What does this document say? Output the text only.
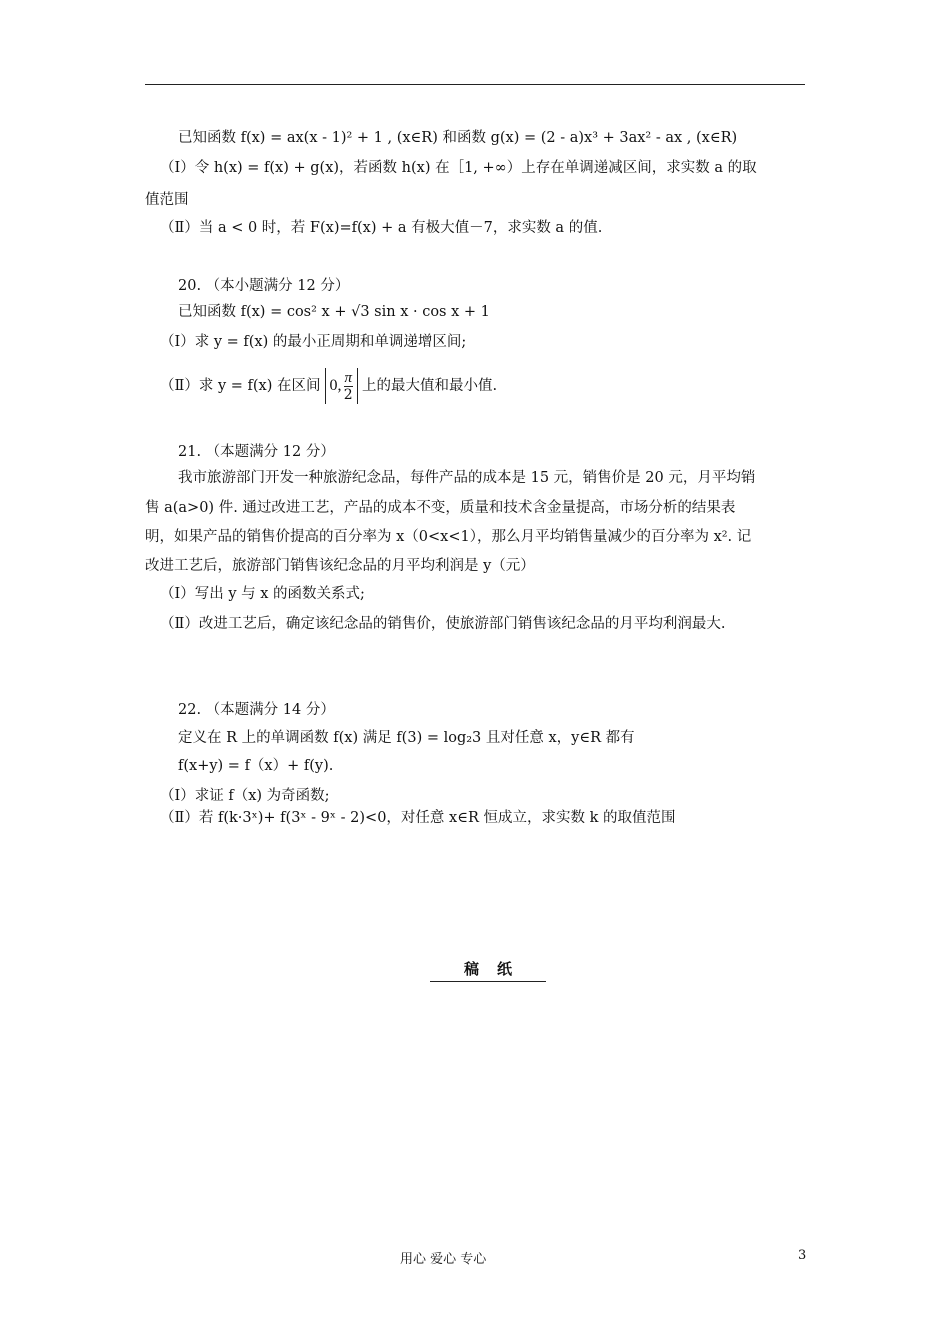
已知函数 f(x) = ax(x - 1)² + 1 , (x∈R) 和函数 g(x) = (2 - a)x³ + 3ax² - ax , (x∈R)
（Ⅰ）令 h(x) = f(x) + g(x)，若函数 h(x) 在［1, +∞）上存在单调递减区间，求实数 a 的取
值范围
（Ⅱ）当 a < 0 时，若 F(x)=f(x) + a 有极大值－7，求实数 a 的值.
20. （本小题满分 12 分）
已知函数 f(x) = cos² x + √3 sin x · cos x + 1
（Ⅰ）求 y = f(x) 的最小正周期和单调递增区间;
（Ⅱ）求 y = f(x) 在区间 0, $\frac{\pi}{2}$ 上的最大值和最小值.
21. （本题满分 12 分）
我市旅游部门开发一种旅游纪念品，每件产品的成本是 15 元，销售价是 20 元，月平均销
售 a(a>0) 件. 通过改进工艺，产品的成本不变，质量和技术含金量提高，市场分析的结果表
明，如果产品的销售价提高的百分率为 x（0<x<1），那么月平均销售量减少的百分率为 x². 记
改进工艺后，旅游部门销售该纪念品的月平均利润是 y（元）
（Ⅰ）写出 y 与 x 的函数关系式;
（Ⅱ）改进工艺后，确定该纪念品的销售价，使旅游部门销售该纪念品的月平均利润最大.
22. （本题满分 14 分）
定义在 R 上的单调函数 f(x) 满足 f(3) = log₂3 且对任意 x，y∈R 都有
f(x+y) = f（x）+ f(y).
（Ⅰ）求证 f（x) 为奇函数;
（Ⅱ）若 f(k·3ˣ)+ f(3ˣ - 9ˣ - 2)<0，对任意 x∈R 恒成立，求实数 k 的取值范围
稿纸
用心 爱心 专心	3
